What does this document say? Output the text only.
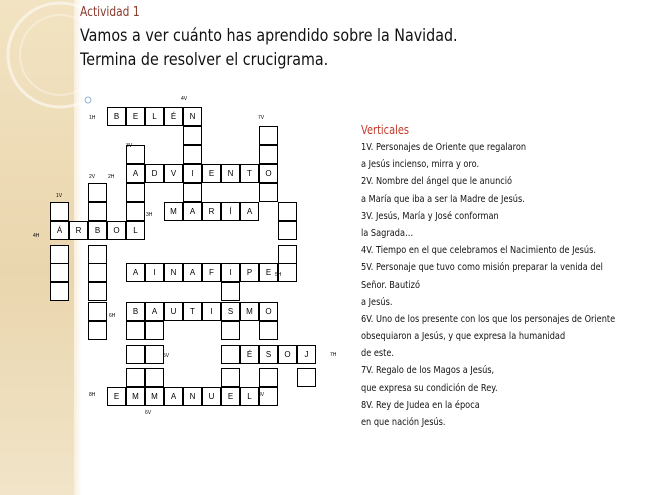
Actividad 1
Vamos a ver cuánto has aprendido sobre la Navidad.
Termina de resolver el crucigrama.
B	E	L	É	N
A	D	V	I	E	N	T	O
M	A	R	Í	A
Á	R	B	O	L
A	I	N	A	F	I	P	E
B	A	U	T	I	S	M	O
É	S	O	J
E	M	M	A	N	U	E	L
1H
2V	2H
3H
4H
5H
6H
7H
8H
1V
3V
4V
5V
6V
7V
8V
Verticales
1V. Personajes de Oriente que regalaron
a Jesús incienso, mirra y oro.
2V. Nombre del ángel que le anunció
a María que iba a ser la Madre de Jesús.
3V. Jesús, María y José conforman
la Sagrada…
4V. Tiempo en el que celebramos el Nacimiento de Jesús.
5V. Personaje que tuvo como misión preparar la venida del
Señor. Bautizó
a Jesús.
6V. Uno de los presente con los que los personajes de Oriente
obsequiaron a Jesús, y que expresa la humanidad
de este.
7V. Regalo de los Magos a Jesús,
que expresa su condición de Rey.
8V. Rey de Judea en la época
en que nación Jesús.
